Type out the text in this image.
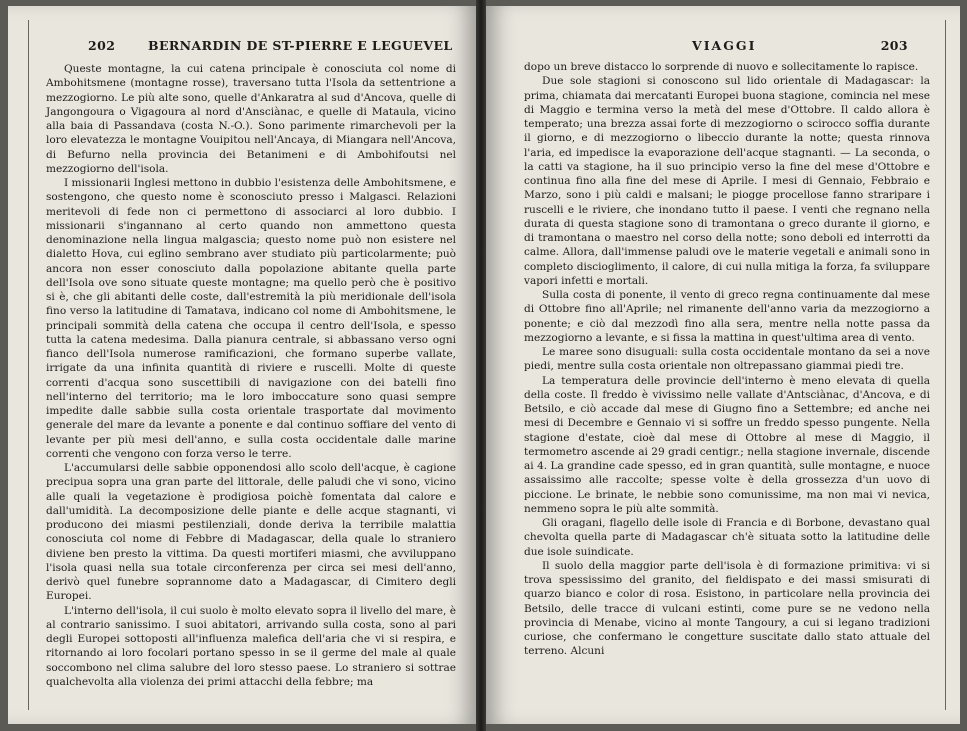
202	BERNARDIN DE ST-PIERRE E LEGUEVEL

Queste montagne, la cui catena principale è conosciuta col nome di Ambohitsmene (montagne rosse), traversano tutta l'Isola da settentrione a mezzogiorno. Le più alte sono, quelle d'Ankaratra al sud d'Ancova, quelle di Jangongoura o Vigagoura al nord d'Ansciànac, e quelle di Mataula, vicino alla baia di Passandava (costa N.-O.). Sono parimente rimarchevoli per la loro elevatezza le montagne Vouipitou nell'Ancaya, di Miangara nell'Ancova, di Befurno nella provincia dei Betanimeni e di Ambohifoutsi nel mezzogiorno dell'isola.

I missionarii Inglesi mettono in dubbio l'esistenza delle Ambohitsmene, e sostengono, che questo nome è sconosciuto presso i Malgasci. Relazioni meritevoli di fede non ci permettono di associarci al loro dubbio. I missionarii s'ingannano al certo quando non ammettono questa denominazione nella lingua malgascia; questo nome può non esistere nel dialetto Hova, cui eglino sembrano aver studiato più particolarmente; può ancora non esser conosciuto dalla popolazione abitante quella parte dell'Isola ove sono situate queste montagne; ma quello però che è positivo si è, che gli abitanti delle coste, dall'estremità la più meridionale dell'isola fino verso la latitudine di Tamatava, indicano col nome di Ambohitsmene, le principali sommità della catena che occupa il centro dell'Isola, e spesso tutta la catena medesima. Dalla pianura centrale, si abbassano verso ogni fianco dell'Isola numerose ramificazioni, che formano superbe vallate, irrigate da una infinita quantità di riviere e ruscelli. Molte di queste correnti d'acqua sono suscettibili di navigazione con dei batelli fino nell'interno del territorio; ma le loro imboccature sono quasi sempre impedite dalle sabbie sulla costa orientale trasportate dal movimento generale del mare da levante a ponente e dal continuo soffiare del vento di levante per più mesi dell'anno, e sulla costa occidentale dalle marine correnti che vengono con forza verso le terre.

L'accumularsi delle sabbie opponendosi allo scolo dell'acque, è cagione precipua sopra una gran parte del littorale, delle paludi che vi sono, vicino alle quali la vegetazione è prodigiosa poichè fomentata dal calore e dall'umidità. La decomposizione delle piante e delle acque stagnanti, vi producono dei miasmi pestilenziali, donde deriva la terribile malattia conosciuta col nome di Febbre di Madagascar, della quale lo straniero diviene ben presto la vittima. Da questi mortiferi miasmi, che avviluppano l'isola quasi nella sua totale circonferenza per circa sei mesi dell'anno, derivò quel funebre soprannome dato a Madagascar, di Cimitero degli Europei.

L'interno dell'isola, il cui suolo è molto elevato sopra il livello del mare, è al contrario sanissimo. I suoi abitatori, arrivando sulla costa, sono al pari degli Europei sottoposti all'influenza malefica dell'aria che vi si respira, e ritornando ai loro focolari portano spesso in se il germe del male al quale soccombono nel clima salubre del loro stesso paese. Lo straniero si sottrae qualchevolta alla violenza dei primi attacchi della febbre; ma

VIAGGI	203

dopo un breve distacco lo sorprende di nuovo e sollecitamente lo rapisce.

Due sole stagioni si conoscono sul lido orientale di Madagascar: la prima, chiamata dai mercatanti Europei buona stagione, comincia nel mese di Maggio e termina verso la metà del mese d'Ottobre. Il caldo allora è temperato; una brezza assai forte di mezzogiorno o scirocco soffia durante il giorno, e di mezzogiorno o libeccio durante la notte; questa rinnova l'aria, ed impedisce la evaporazione dell'acque stagnanti. — La seconda, o la catti va stagione, ha il suo principio verso la fine del mese d'Ottobre e continua fino alla fine del mese di Aprile. I mesi di Gennaio, Febbraio e Marzo, sono i più caldi e malsani; le piogge procellose fanno straripare i ruscelli e le riviere, che inondano tutto il paese. I venti che regnano nella durata di questa stagione sono di tramontana o greco durante il giorno, e di tramontana o maestro nel corso della notte; sono deboli ed interrotti da calme. Allora, dall'immense paludi ove le materie vegetali e animali sono in completo discioglimento, il calore, di cui nulla mitiga la forza, fa sviluppare vapori infetti e mortali.

Sulla costa di ponente, il vento di greco regna continuamente dal mese di Ottobre fino all'Aprile; nel rimanente dell'anno varia da mezzogiorno a ponente; e ciò dal mezzodì fino alla sera, mentre nella notte passa da mezzogiorno a levante, e si fissa la mattina in quest'ultima area di vento.

Le maree sono disuguali: sulla costa occidentale montano da sei a nove piedi, mentre sulla costa orientale non oltrepassano giammai piedi tre.

La temperatura delle provincie dell'interno è meno elevata di quella della coste. Il freddo è vivissimo nelle vallate d'Antsciànac, d'Ancova, e di Betsilo, e ciò accade dal mese di Giugno fino a Settembre; ed anche nei mesi di Decembre e Gennaio vi si soffre un freddo spesso pungente. Nella stagione d'estate, cioè dal mese di Ottobre al mese di Maggio, il termometro ascende ai 29 gradi centigr.; nella stagione invernale, discende ai 4. La grandine cade spesso, ed in gran quantità, sulle montagne, e nuoce assaissimo alle raccolte; spesse volte è della grossezza d'un uovo di piccione. Le brinate, le nebbie sono comunissime, ma non mai vi nevica, nemmeno sopra le più alte sommità.

Gli oragani, flagello delle isole di Francia e di Borbone, devastano qual chevolta quella parte di Madagascar ch'è situata sotto la latitudine delle due isole suindicate.

Il suolo della maggior parte dell'isola è di formazione primitiva: vi si trova spessissimo del granito, del fieldispato e dei massi smisurati di quarzo bianco e color di rosa. Esistono, in particolare nella provincia dei Betsilo, delle tracce di vulcani estinti, come pure se ne vedono nella provincia di Menabe, vicino al monte Tangoury, a cui si legano tradizioni curiose, che confermano le congetture suscitate dallo stato attuale del terreno. Alcuni
